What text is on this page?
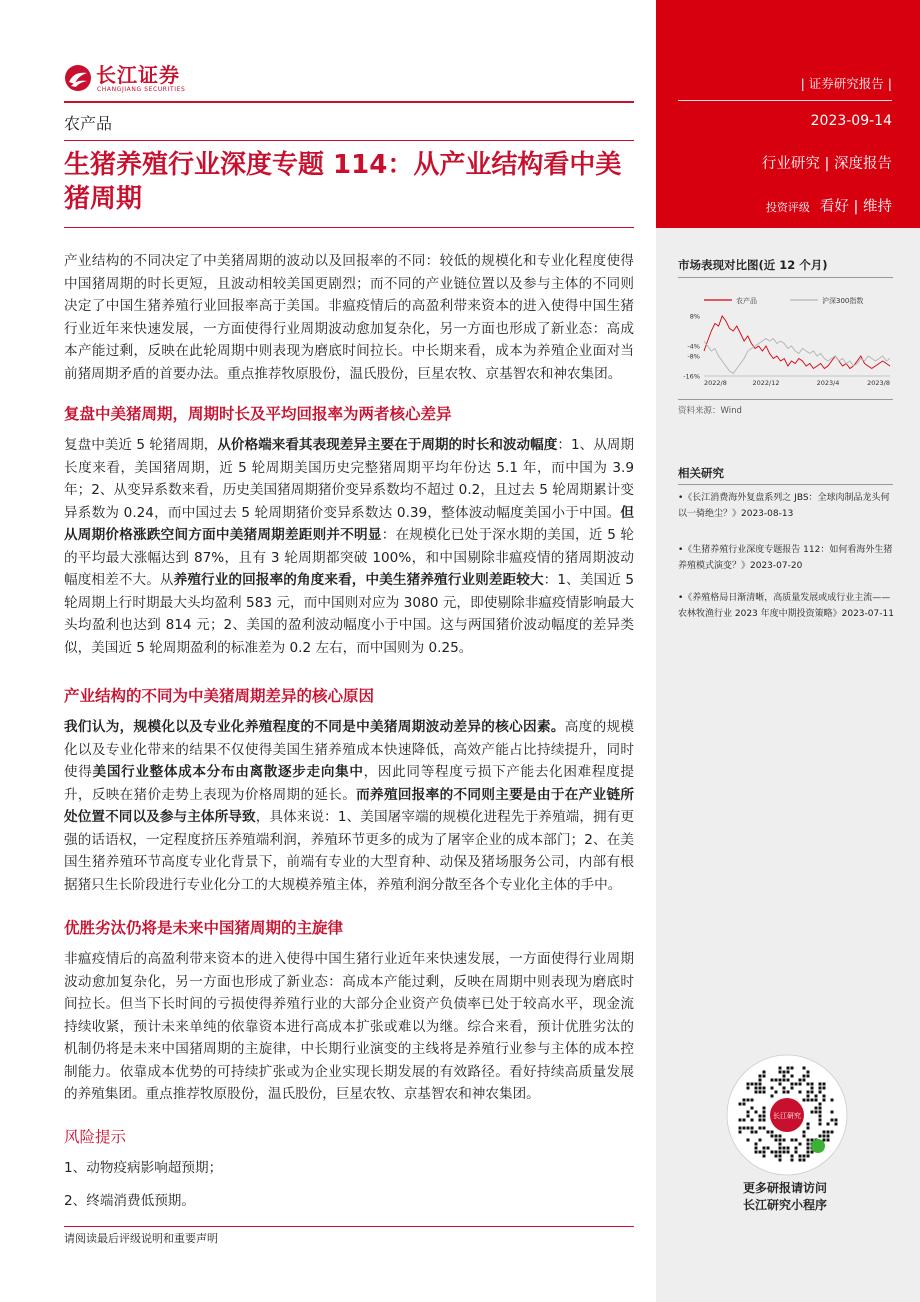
长江证券
CHANGJIANG SECURITIES
农产品
生猪养殖行业深度专题 114：从产业结构看中美猪周期

产业结构的不同决定了中美猪周期的波动以及回报率的不同：较低的规模化和专业化程度使得中国猪周期的时长更短，且波动相较美国更剧烈；而不同的产业链位置以及参与主体的不同则决定了中国生猪养殖行业回报率高于美国。非瘟疫情后的高盈利带来资本的进入使得中国生猪行业近年来快速发展，一方面使得行业周期波动愈加复杂化，另一方面也形成了新业态：高成本产能过剩，反映在此轮周期中则表现为磨底时间拉长。中长期来看，成本为养殖企业面对当前猪周期矛盾的首要办法。重点推荐牧原股份，温氏股份，巨星农牧、京基智农和神农集团。

复盘中美猪周期，周期时长及平均回报率为两者核心差异

复盘中美近 5 轮猪周期，从价格端来看其表现差异主要在于周期的时长和波动幅度：1、从周期长度来看，美国猪周期，近 5 轮周期美国历史完整猪周期平均年份达 5.1 年，而中国为 3.9 年；2、从变异系数来看，历史美国猪周期猪价变异系数均不超过 0.2，且过去 5 轮周期累计变异系数为 0.24，而中国过去 5 轮周期猪价变异系数达 0.39，整体波动幅度美国小于中国。但从周期价格涨跌空间方面中美猪周期差距则并不明显：在规模化已处于深水期的美国，近 5 轮的平均最大涨幅达到 87%，且有 3 轮周期都突破 100%，和中国剔除非瘟疫情的猪周期波动幅度相差不大。从养殖行业的回报率的角度来看，中美生猪养殖行业则差距较大：1、美国近 5 轮周期上行时期最大头均盈利 583 元，而中国则对应为 3080 元，即使剔除非瘟疫情影响最大头均盈利也达到 814 元；2、美国的盈利波动幅度小于中国。这与两国猪价波动幅度的差异类似，美国近 5 轮周期盈利的标准差为 0.2 左右，而中国则为 0.25。

产业结构的不同为中美猪周期差异的核心原因

我们认为，规模化以及专业化养殖程度的不同是中美猪周期波动差异的核心因素。高度的规模化以及专业化带来的结果不仅使得美国生猪养殖成本快速降低，高效产能占比持续提升，同时使得美国行业整体成本分布由离散逐步走向集中，因此同等程度亏损下产能去化困难程度提升，反映在猪价走势上表现为价格周期的延长。而养殖回报率的不同则主要是由于在产业链所处位置不同以及参与主体所导致，具体来说：1、美国屠宰端的规模化进程先于养殖端，拥有更强的话语权，一定程度挤压养殖端利润，养殖环节更多的成为了屠宰企业的成本部门；2、在美国生猪养殖环节高度专业化背景下，前端有专业的大型育种、动保及猪场服务公司，内部有根据猪只生长阶段进行专业化分工的大规模养殖主体，养殖利润分散至各个专业化主体的手中。

优胜劣汰仍将是未来中国猪周期的主旋律

非瘟疫情后的高盈利带来资本的进入使得中国生猪行业近年来快速发展，一方面使得行业周期波动愈加复杂化，另一方面也形成了新业态：高成本产能过剩，反映在周期中则表现为磨底时间拉长。但当下长时间的亏损使得养殖行业的大部分企业资产负债率已处于较高水平，现金流持续收紧，预计未来单纯的依靠资本进行高成本扩张或难以为继。综合来看，预计优胜劣汰的机制仍将是未来中国猪周期的主旋律，中长期行业演变的主线将是养殖行业参与主体的成本控制能力。依靠成本优势的可持续扩张或为企业实现长期发展的有效路径。看好持续高质量发展的养殖集团。重点推荐牧原股份，温氏股份，巨星农牧、京基智农和神农集团。

风险提示

1、动物疫病影响超预期；

2、终端消费低预期。

请阅读最后评级说明和重要声明
| 证券研究报告 |
2023-09-14
行业研究 | 深度报告
投资评级 看好 | 维持
市场表现对比图(近 12 个月)
农产品	沪深300指数
8%
-4%
-8%
-16%
2022/8	2022/12	2023/4	2023/8
资料来源：Wind
相关研究
•《长江消费海外复盘系列之 JBS：全球肉制品龙头何以一骑绝尘？》2023-08-13
•《生猪养殖行业深度专题报告 112：如何看海外生猪养殖模式演变？》2023-07-20
•《养殖格局日渐清晰，高质量发展或成行业主流——农林牧渔行业 2023 年度中期投资策略》2023-07-11
长江研究
更多研报请访问
长江研究小程序
